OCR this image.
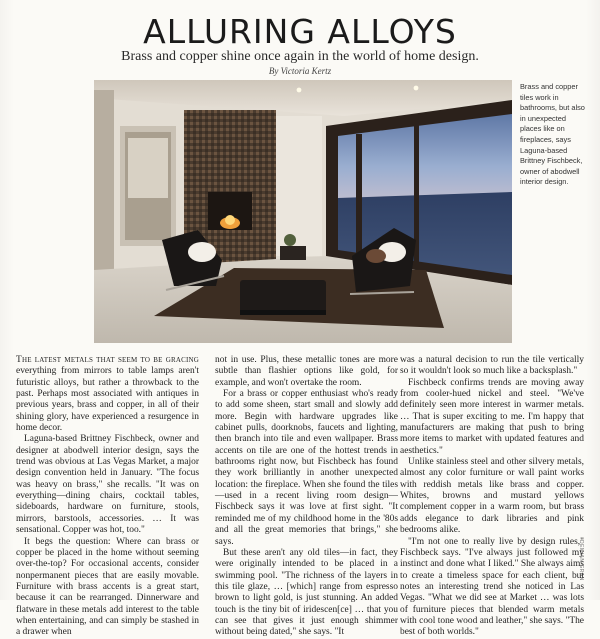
ALLURING ALLOYS
Brass and copper shine once again in the world of home design.
By Victoria Kertz
Brass and copper tiles work in bathrooms, but also in unexpected places like on fireplaces, says Laguna-based Brittney Fischbeck, owner of abodwell interior design.
DEMIAN GRAN

The latest metals that seem to be gracing everything from mirrors to table lamps aren't futuristic alloys, but rather a throwback to the past. Perhaps most associated with antiques in previous years, brass and copper, in all of their shining glory, have experienced a resurgence in home decor.

Laguna-based Brittney Fischbeck, owner and designer at abodwell interior design, says the trend was obvious at Las Vegas Market, a major design convention held in January. "The focus was heavy on brass," she recalls. "It was on everything—dining chairs, cocktail tables, sideboards, hardware on furniture, stools, mirrors, barstools, accessories. … It was sensational. Copper was hot, too."

It begs the question: Where can brass or copper be placed in the home without seeming over-the-top? For occasional accents, consider nonpermanent pieces that are easily movable. Furniture with brass accents is a great start, because it can be rearranged. Dinnerware and flatware in these metals add interest to the table when entertaining, and can simply be stashed in a drawer when

not in use. Plus, these metallic tones are more subtle than flashier options like gold, for example, and won't overtake the room.

For a brass or copper enthusiast who's ready to add some sheen, start small and slowly add more. Begin with hardware upgrades like cabinet pulls, doorknobs, faucets and lighting, then branch into tile and even wallpaper. Brass accents on tile are one of the hottest trends in bathrooms right now, but Fischbeck has found they work brilliantly in another unexpected location: the fireplace. When she found the tiles—used in a recent living room design—Fischbeck says it was love at first sight. "It reminded me of my childhood home in the '80s and all the great memories that brings," she says.

But these aren't any old tiles—in fact, they were originally intended to be placed in a swimming pool. "The richness of the layers in this tile glaze, … [which] range from espresso brown to light gold, is just stunning. An added touch is the tiny bit of iridescen[ce] … that you can see that gives it just enough shimmer without being dated," she says. "It

was a natural decision to run the tile vertically so it wouldn't look so much like a backsplash."

Fischbeck confirms trends are moving away from cooler-hued nickel and steel. "We've definitely seen more interest in warmer metals. … That is super exciting to me. I'm happy that manufacturers are making that push to bring more items to market with updated features and aesthetics."

Unlike stainless steel and other silvery metals, almost any color furniture or wall paint works with reddish metals like brass and copper. Whites, browns and mustard yellows complement copper in a warm room, but brass adds elegance to dark libraries and pink bedrooms alike.

"I'm not one to really live by design rules," Fischbeck says. "I've always just followed my instinct and done what I liked." She always aims to create a timeless space for each client, but notes an interesting trend she noticed in Las Vegas. "What we did see at Market … was lots of furniture pieces that blended warm metals with cool tone wood and leather," she says. "The best of both worlds."
